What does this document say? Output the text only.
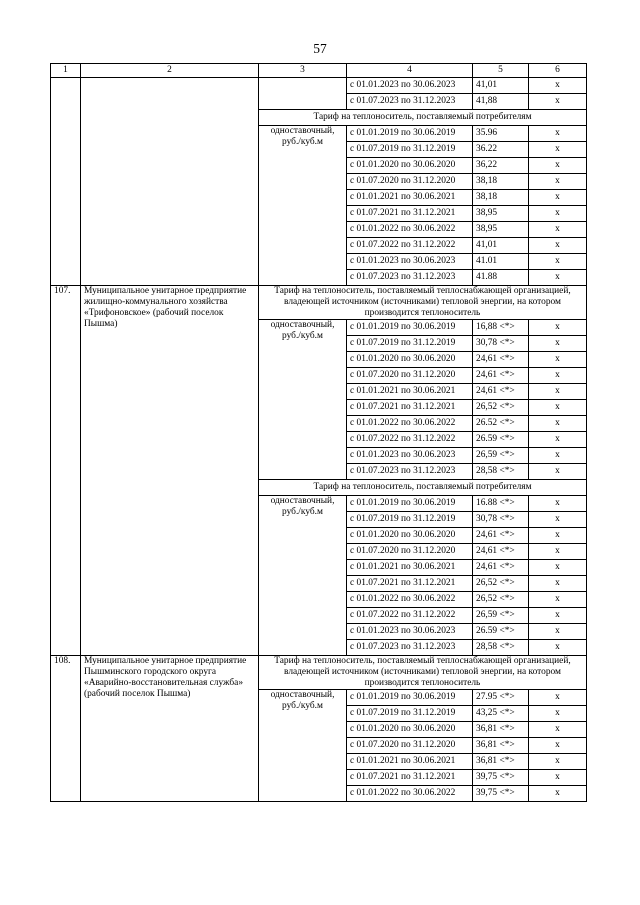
57
1	2	3	4	5	6
			с 01.01.2023 по 30.06.2023	41,01	x
			с 01.07.2023 по 31.12.2023	41,88	x
		Тариф на теплоноситель, поставляемый потребителям			
		одноставочный, руб./куб.м	с 01.01.2019 по 30.06.2019	35.96	x
			с 01.07.2019 по 31.12.2019	36.22	x
			с 01.01.2020 по 30.06.2020	36,22	x
			с 01.07.2020 по 31.12.2020	38,18	x
			с 01.01.2021 по 30.06.2021	38,18	x
			с 01.07.2021 по 31.12.2021	38,95	x
			с 01.01.2022 по 30.06.2022	38,95	x
			с 01.07.2022 по 31.12.2022	41,01	x
			с 01.01.2023 по 30.06.2023	41.01	x
			с 01.07.2023 по 31.12.2023	41.88	x
107.	Муниципальное унитарное предприятие жилищно-коммунального хозяйства «Трифоновское» (рабочий поселок Пышма)	Тариф на теплоноситель, поставляемый теплоснабжающей организацией, владеющей источником (источниками) тепловой энергии, на котором производится теплоноситель			
		одноставочный, руб./куб.м	с 01.01.2019 по 30.06.2019	16,88 <*>	x
			с 01.07.2019 по 31.12.2019	30,78 <*>	x
			с 01.01.2020 по 30.06.2020	24,61 <*>	x
			с 01.07.2020 по 31.12.2020	24,61 <*>	x
			с 01.01.2021 по 30.06.2021	24,61 <*>	x
			с 01.07.2021 по 31.12.2021	26,52 <*>	x
			с 01.01.2022 по 30.06.2022	26.52 <*>	x
			с 01.07.2022 по 31.12.2022	26.59 <*>	x
			с 01.01.2023 по 30.06.2023	26,59 <*>	x
			с 01.07.2023 по 31.12.2023	28,58 <*>	x
		Тариф на теплоноситель, поставляемый потребителям			
		одноставочный, руб./куб.м	с 01.01.2019 по 30.06.2019	16.88 <*>	x
			с 01.07.2019 по 31.12.2019	30,78 <*>	x
			с 01.01.2020 по 30.06.2020	24,61 <*>	x
			с 01.07.2020 по 31.12.2020	24,61 <*>	x
			с 01.01.2021 по 30.06.2021	24,61 <*>	x
			с 01.07.2021 по 31.12.2021	26,52 <*>	x
			с 01.01.2022 по 30.06.2022	26,52 <*>	x
			с 01.07.2022 по 31.12.2022	26,59 <*>	x
			с 01.01.2023 по 30.06.2023	26.59 <*>	x
			с 01.07.2023 по 31.12.2023	28,58 <*>	x
108.	Муниципальное унитарное предприятие Пышминского городского округа «Аварийно-восстановительная служба» (рабочий поселок Пышма)	Тариф на теплоноситель, поставляемый теплоснабжающей организацией, владеющей источником (источниками) тепловой энергии, на котором производится теплоноситель			
		одноставочный, руб./куб.м	с 01.01.2019 по 30.06.2019	27.95 <*>	x
			с 01.07.2019 по 31.12.2019	43,25 <*>	x
			с 01.01.2020 по 30.06.2020	36,81 <*>	x
			с 01.07.2020 по 31.12.2020	36,81 <*>	x
			с 01.01.2021 по 30.06.2021	36,81 <*>	x
			с 01.07.2021 по 31.12.2021	39,75 <*>	x
			с 01.01.2022 по 30.06.2022	39,75 <*>	x
